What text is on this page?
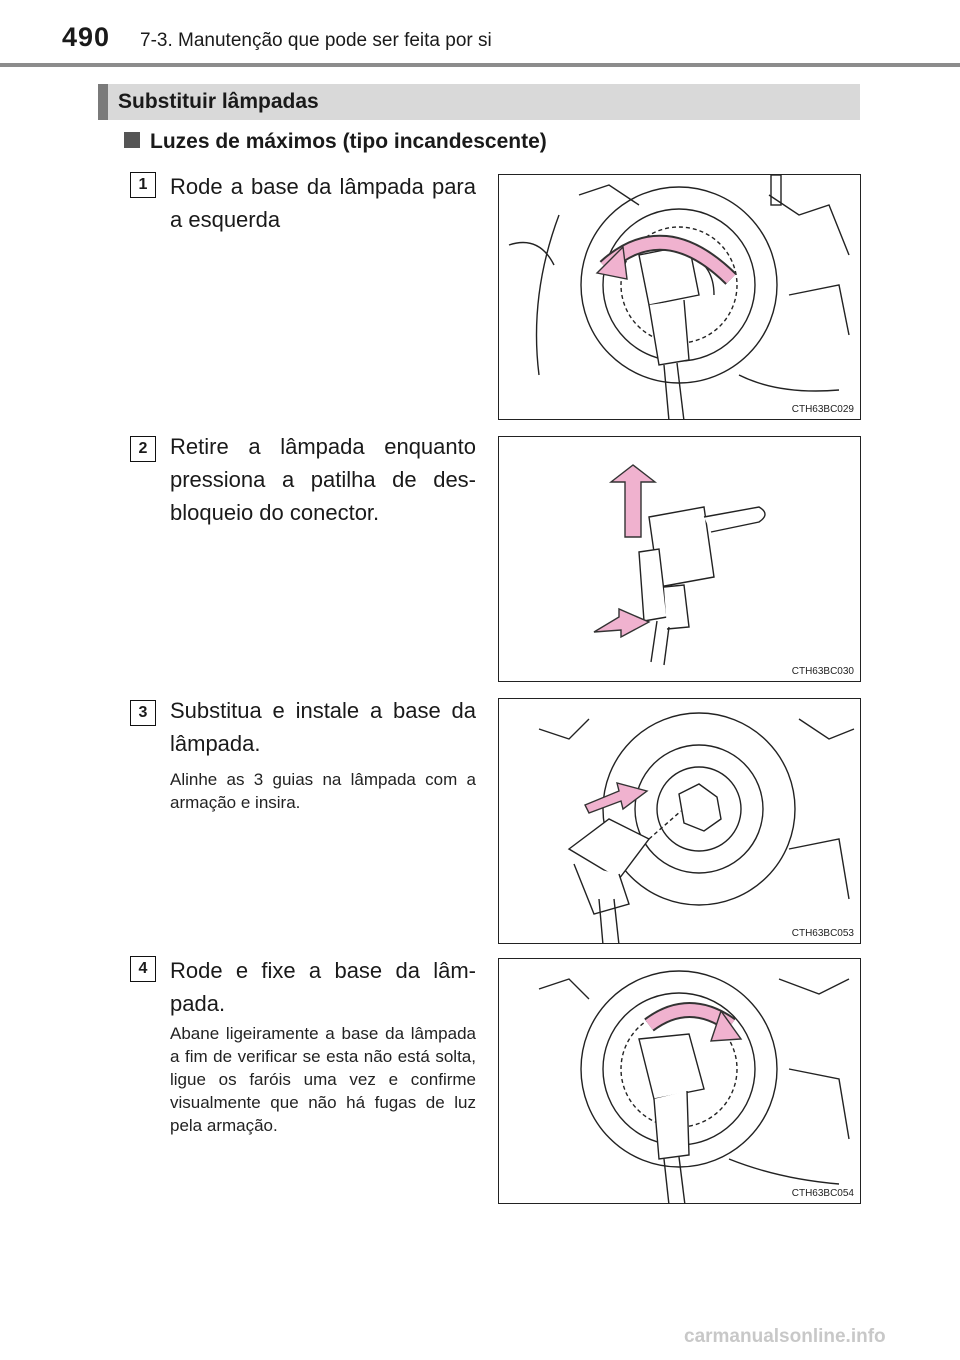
490 7-3. Manutenção que pode ser feita por si
Substituir lâmpadas
Luzes de máximos (tipo incandescente)
1	Rode a base da lâmpada para a esquerda
CTH63BC029
2	Retire a lâmpada enquanto pressiona a patilha de des-bloqueio do conector.
CTH63BC030
3	Substitua e instale a base da lâmpada.
Alinhe as 3 guias na lâmpada com a armação e insira.
CTH63BC053
4	Rode e fixe a base da lâm-pada.
Abane ligeiramente a base da lâmpada a fim de verificar se esta não está solta, ligue os faróis uma vez e confirme visualmente que não há fugas de luz pela armação.
CTH63BC054
carmanualsonline.info
